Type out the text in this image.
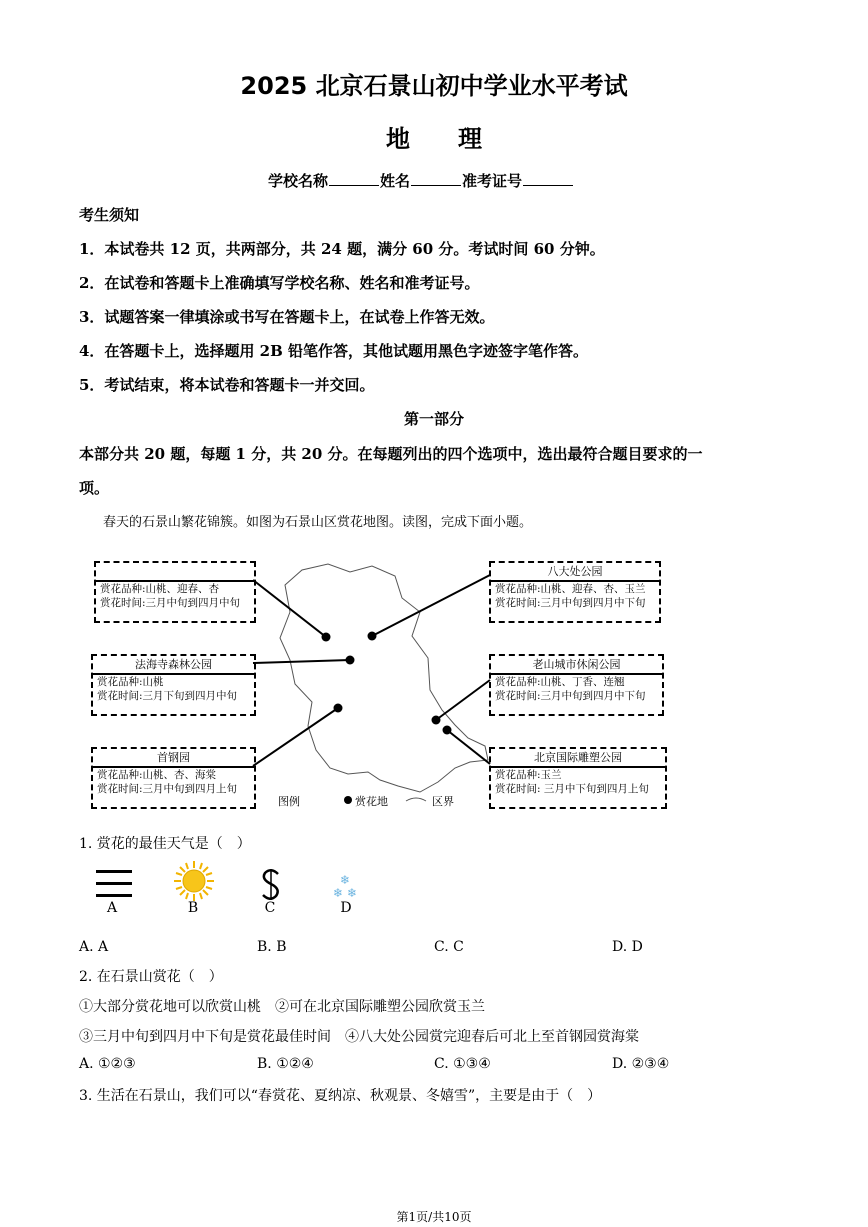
2025 北京石景山初中学业水平考试
地　　理
学校名称	姓名	准考证号
考生须知
1．本试卷共 12 页，共两部分，共 24 题，满分 60 分。考试时间 60 分钟。
2．在试卷和答题卡上准确填写学校名称、姓名和准考证号。
3．试题答案一律填涂或书写在答题卡上，在试卷上作答无效。
4．在答题卡上，选择题用 2B 铅笔作答，其他试题用黑色字迹签字笔作答。
5．考试结束，将本试卷和答题卡一并交回。
第一部分
本部分共 20 题，每题 1 分，共 20 分。在每题列出的四个选项中，选出最符合题目要求的一
项。
春天的石景山繁花锦簇。如图为石景山区赏花地图。读图，完成下面小题。
赏花品种:山桃、迎春、杏
赏花时间:三月中旬到四月中旬
八大处公园
赏花品种:山桃、迎春、杏、玉兰
赏花时间:三月中旬到四月中下旬
法海寺森林公园
赏花品种:山桃
赏花时间:三月下旬到四月中旬
老山城市休闲公园
赏花品种:山桃、丁香、连翘
赏花时间:三月中旬到四月中下旬
首钢园
赏花品种:山桃、杏、海棠
赏花时间:三月中旬到四月上旬
北京国际雕塑公园
赏花品种:玉兰
赏花时间: 三月中下旬到四月上旬
图例	赏花地	区界
1. 赏花的最佳天气是（　）
❄
❄ ❄
A	B	C	D
A. A	B. B	C. C	D. D
2. 在石景山赏花（　）
①大部分赏花地可以欣赏山桃　②可在北京国际雕塑公园欣赏玉兰
③三月中旬到四月中下旬是赏花最佳时间　④八大处公园赏完迎春后可北上至首钢园赏海棠
A. ①②③	B. ①②④	C. ①③④	D. ②③④
3. 生活在石景山，我们可以“春赏花、夏纳凉、秋观景、冬嬉雪”，主要是由于（　）
第1页/共10页
